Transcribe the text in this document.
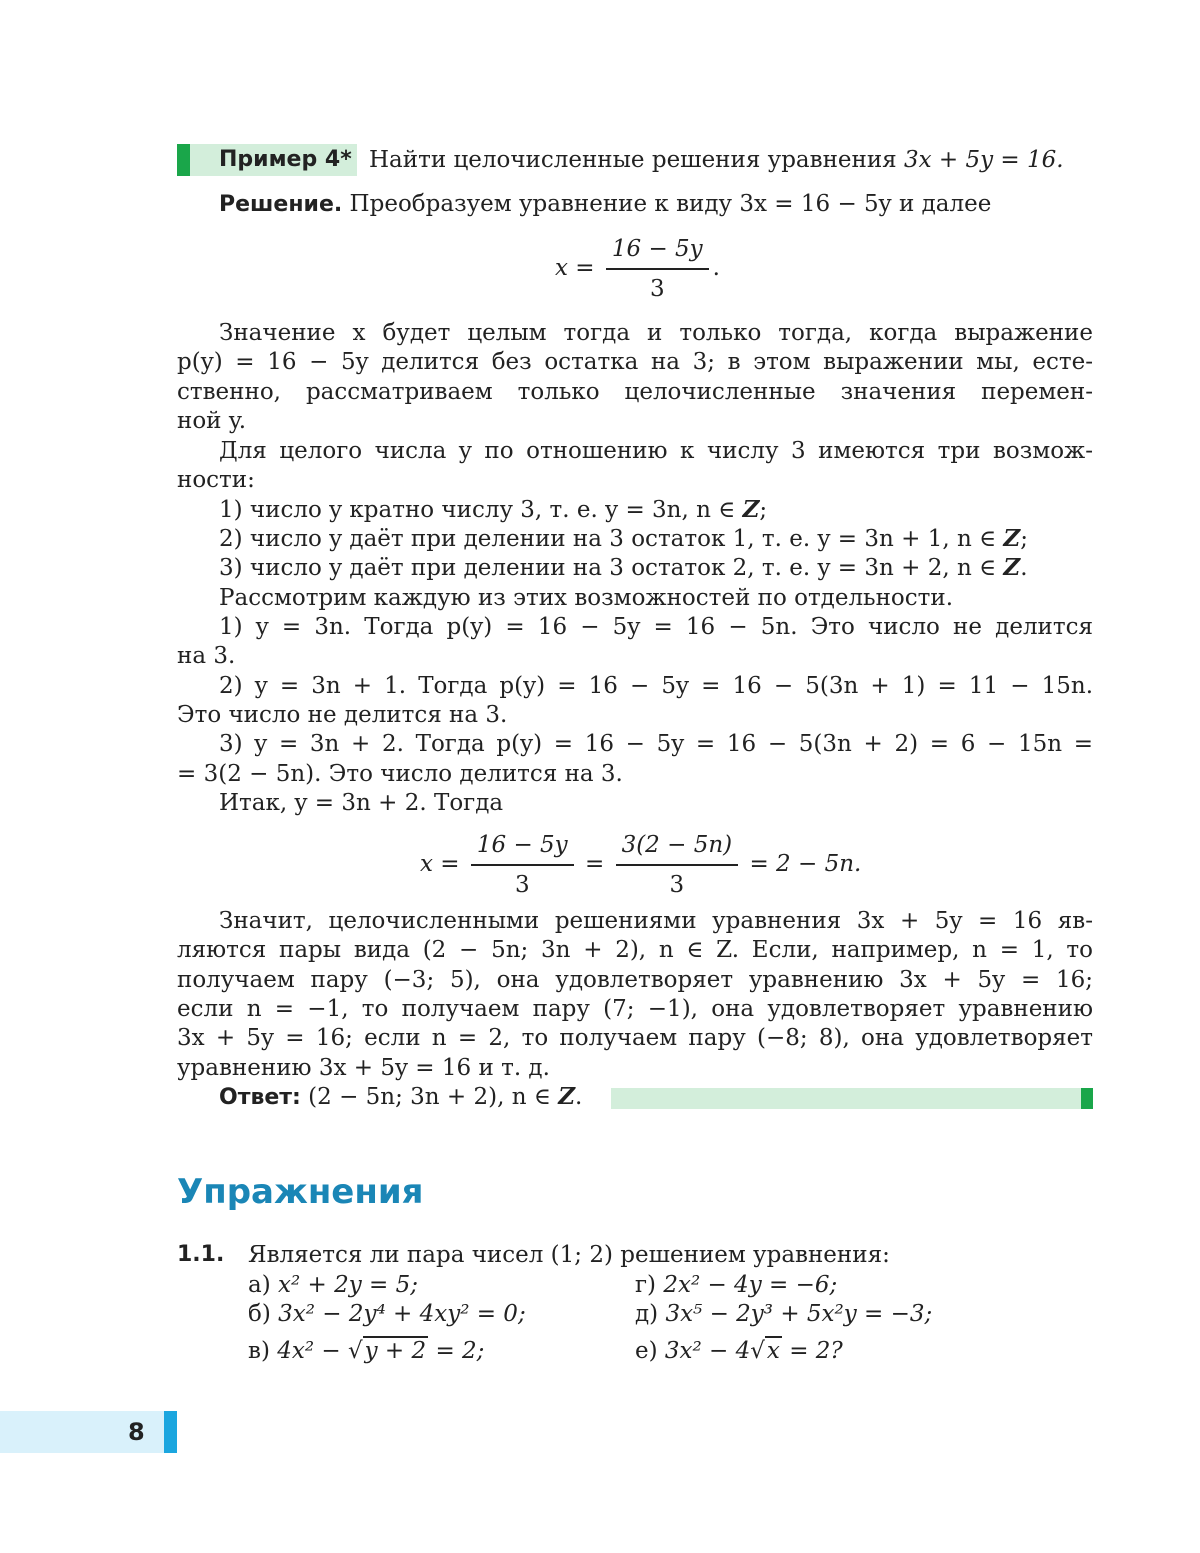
Пример 4* Найти целочисленные решения уравнения 3x + 5y = 16.
Решение. Преобразуем уравнение к виду 3x = 16 − 5y и далее
$x = \frac{16 - 5y}{3}$ .
Значение x будет целым тогда и только тогда, когда выражение
p(y) = 16 − 5y делится без остатка на 3; в этом выражении мы, есте-
ственно, рассматриваем только целочисленные значения перемен-
ной y.
Для целого числа y по отношению к числу 3 имеются три возмож-
ности:
1) число y кратно числу 3, т. е. y = 3n, n ∈ Z;
2) число y даёт при делении на 3 остаток 1, т. е. y = 3n + 1, n ∈ Z;
3) число y даёт при делении на 3 остаток 2, т. е. y = 3n + 2, n ∈ Z.
Рассмотрим каждую из этих возможностей по отдельности.
1) y = 3n. Тогда p(y) = 16 − 5y = 16 − 5n. Это число не делится
на 3.
2) y = 3n + 1. Тогда p(y) = 16 − 5y = 16 − 5(3n + 1) = 11 − 15n.
Это число не делится на 3.
3) y = 3n + 2. Тогда p(y) = 16 − 5y = 16 − 5(3n + 2) = 6 − 15n =
= 3(2 − 5n). Это число делится на 3.
Итак, y = 3n + 2. Тогда
$x = \frac{16 - 5y}{3} = \frac{3(2 - 5n)}{3} = 2 - 5n$.
Значит, целочисленными решениями уравнения 3x + 5y = 16 яв-
ляются пары вида (2 − 5n; 3n + 2), n ∈ Z. Если, например, n = 1, то
получаем пару (−3; 5), она удовлетворяет уравнению 3x + 5y = 16;
если n = −1, то получаем пару (7; −1), она удовлетворяет уравнению
3x + 5y = 16; если n = 2, то получаем пару (−8; 8), она удовлетворяет
уравнению 3x + 5y = 16 и т. д.
Ответ: (2 − 5n; 3n + 2), n ∈ Z.
Упражнения
1.1. Является ли пара чисел (1; 2) решением уравнения:
а) x² + 2y = 5;	г) 2x² − 4y = −6;
б) 3x² − 2y⁴ + 4xy² = 0;	д) 3x⁵ − 2y³ + 5x²y = −3;
в) 4x² − √y + 2 = 2;	е) 3x² − 4√x = 2?
8
